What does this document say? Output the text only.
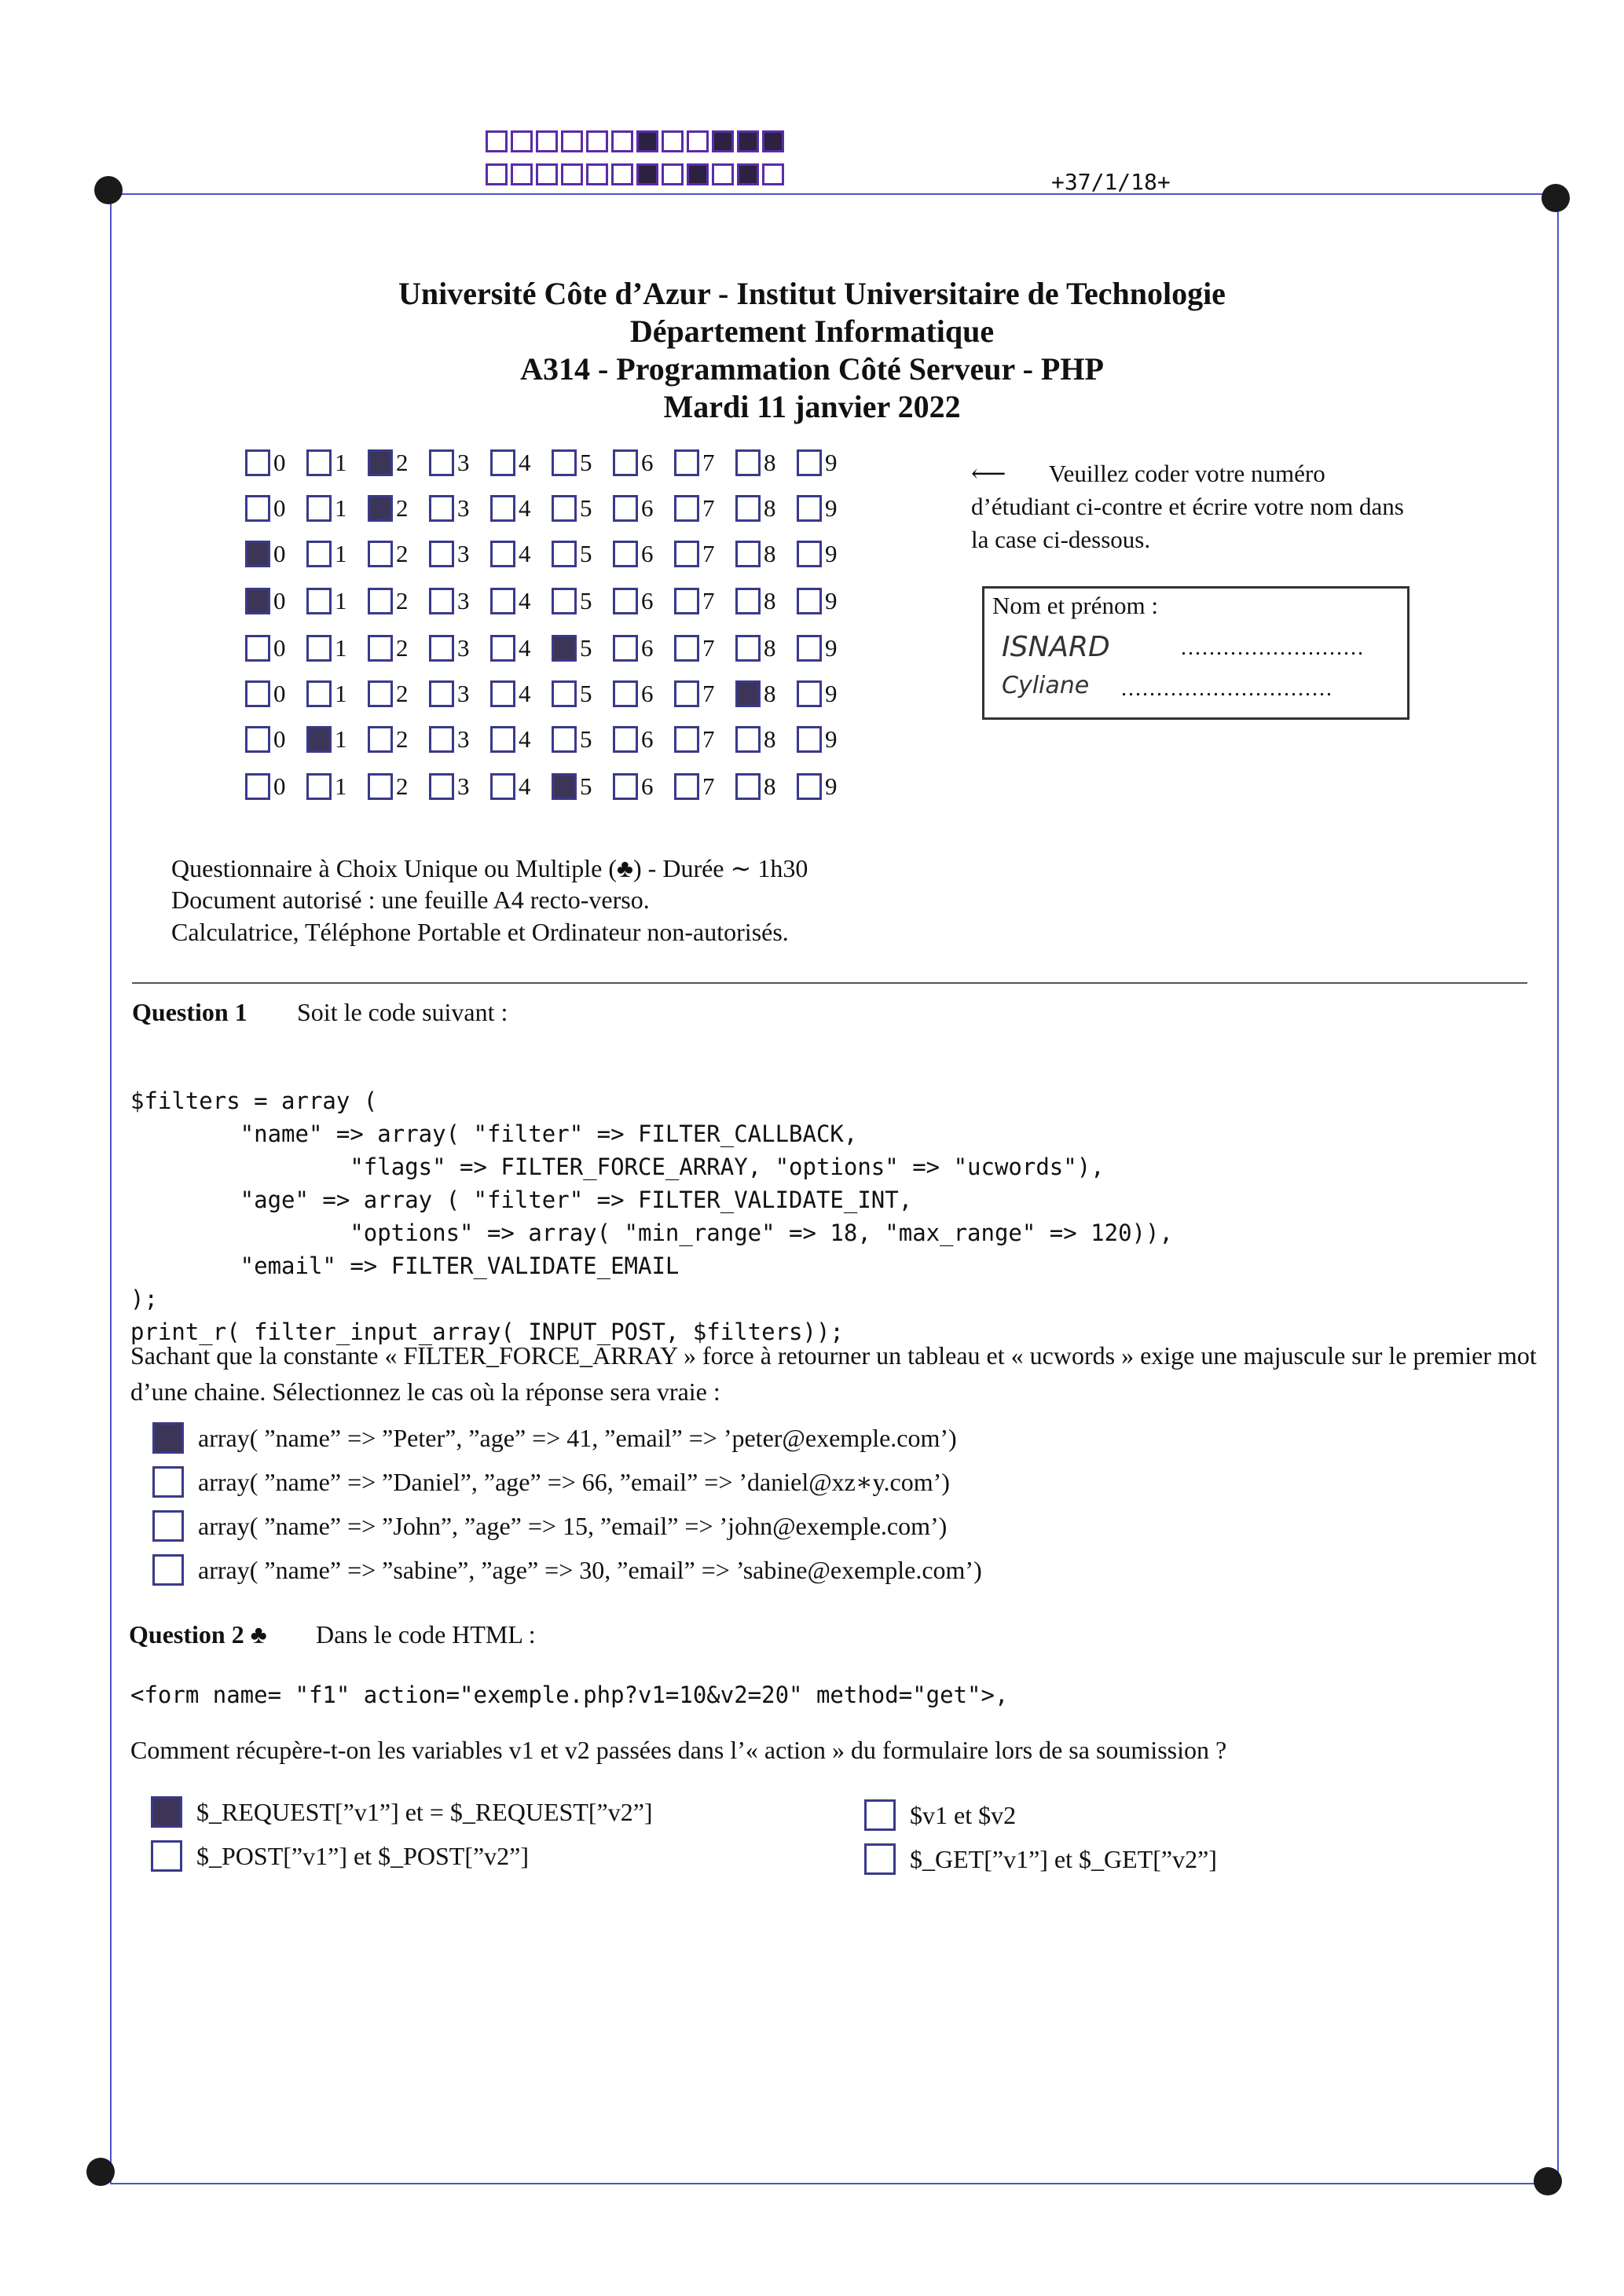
+37/1/18+
Université Côte d’Azur - Institut Universitaire de Technologie
Département Informatique
A314 - Programmation Côté Serveur - PHP
Mardi 11 janvier 2022
0 1 2 3 4 5 6 7 8 9
0 1 2 3 4 5 6 7 8 9
0 1 2 3 4 5 6 7 8 9
0 1 2 3 4 5 6 7 8 9
0 1 2 3 4 5 6 7 8 9
0 1 2 3 4 5 6 7 8 9
0 1 2 3 4 5 6 7 8 9
0 1 2 3 4 5 6 7 8 9
⟵       Veuillez coder votre numéro d’étudiant ci-contre et écrire votre nom dans la case ci-dessous.
Nom et prénom :
ISNARD	..........................
Cyliane ..............................
Questionnaire à Choix Unique ou Multiple (♣) - Durée ∼ 1h30
Document autorisé : une feuille A4 recto-verso.
Calculatrice, Téléphone Portable et Ordinateur non-autorisés.
Question 1 Soit le code suivant :

$filters = array (
"name" => array( "filter" => FILTER_CALLBACK,
"flags" => FILTER_FORCE_ARRAY, "options" => "ucwords"),
"age" => array ( "filter" => FILTER_VALIDATE_INT,
"options" => array( "min_range" => 18, "max_range" => 120)),
"email" => FILTER_VALIDATE_EMAIL
);
print_r( filter_input_array( INPUT_POST, $filters));

Sachant que la constante « FILTER_FORCE_ARRAY » force à retourner un tableau et « ucwords » exige une majuscule sur le premier mot d’une chaine. Sélectionnez le cas où la réponse sera vraie :
array( ”name” => ”Peter”, ”age” => 41, ”email” => ’peter@exemple.com’)
array( ”name” => ”Daniel”, ”age” => 66, ”email” => ’daniel@xz∗y.com’)
array( ”name” => ”John”, ”age” => 15, ”email” => ’john@exemple.com’)
array( ”name” => ”sabine”, ”age” => 30, ”email” => ’sabine@exemple.com’)
Question 2 ♣ Dans le code HTML :
<form name= "f1" action="exemple.php?v1=10&v2=20" method="get">,
Comment récupère-t-on les variables v1 et v2 passées dans l’« action » du formulaire lors de sa soumission ?
$_REQUEST[”v1”] et = $_REQUEST[”v2”]
$_POST[”v1”] et $_POST[”v2”]
$v1 et $v2
$_GET[”v1”] et $_GET[”v2”]
